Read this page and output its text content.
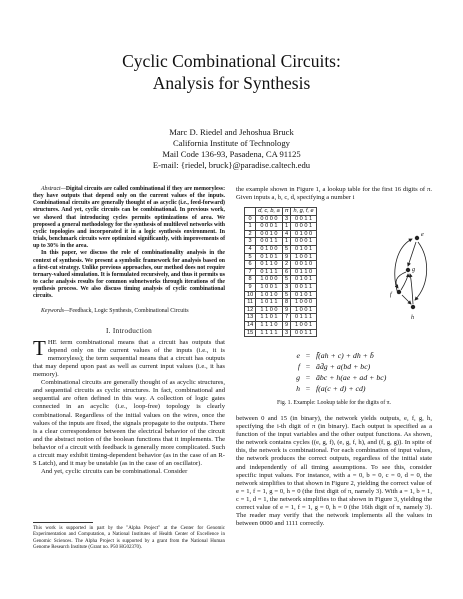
Cyclic Combinational Circuits:
Analysis for Synthesis
Marc D. Riedel and Jehoshua Bruck
California Institute of Technology
Mail Code 136-93, Pasadena, CA 91125
E-mail: {riedel, bruck}@paradise.caltech.edu

Abstract—Digital circuits are called combinational if they are memoryless: they have outputs that depend only on the current values of the inputs. Combinational circuits are generally thought of as acyclic (i.e., feed-forward) structures. And yet, cyclic circuits can be combinational. In previous work, we showed that introducing cycles permits optimizations of area. We proposed a general methodology for the synthesis of multilevel networks with cyclic topologies and incorporated it in a logic synthesis environment. In trials, benchmark circuits were optimized significantly, with improvements of up to 30% in the area.

In this paper, we discuss the role of combinationality analysis in the context of synthesis. We present a symbolic framework for analysis based on a first-cut strategy. Unlike previous approaches, our method does not require ternary-valued simulation. It is formulated recursively, and thus it permits us to cache analysis results for common subnetworks through iterations of the synthesis process. We also discuss timing analysis of cyclic combinational circuits.

Keywords—Feedback, Logic Synthesis, Combinational Circuits

I. Introduction

THE term combinational means that a circuit has outputs that depend only on the current values of the inputs (i.e., it is memoryless); the term sequential means that a circuit has outputs that may depend upon past as well as current input values (i.e., it has memory).

Combinational circuits are generally thought of as acyclic structures, and sequential circuits as cyclic structures. In fact, combinational and sequential are often defined in this way. A collection of logic gates connected in an acyclic (i.e., loop-free) topology is clearly combinational. Regardless of the initial values on the wires, once the values of the inputs are fixed, the signals propagate to the outputs. There is a clear correspondence between the electrical behavior of the circuit and the abstract notion of the boolean functions that it implements. The behavior of a circuit with feedback is generally more complicated. Such a circuit may exhibit timing-dependent behavior (as in the case of an R-S Latch), and it may be unstable (as in the case of an oscillator).

And yet, cyclic circuits can be combinational. Consider

This work is supported in part by the "Alpha Project" at the Center for Genomic Experimentation and Computation, a National Institutes of Health Center of Excellence in Genomic Sciences. The Alpha Project is supported by a grant from the National Human Genome Research Institute (Grant no. P50 HG02370).

the example shown in Figure 1, a lookup table for the first 16 digits of π. Given inputs a, b, c, d, specifying a number i

	d, c, b, a	π	h, g, f, e
0	0 0 0 0	3	0 0 1 1
1	0 0 0 1	1	0 0 0 1
2	0 0 1 0	4	0 1 0 0
3	0 0 1 1	1	0 0 0 1
4	0 1 0 0	5	0 1 0 1
5	0 1 0 1	9	1 0 0 1
6	0 1 1 0	2	0 0 1 0
7	0 1 1 1	6	0 1 1 0
8	1 0 0 0	5	0 1 0 1
9	1 0 0 1	3	0 0 1 1
10	1 0 1 0	5	0 1 0 1
11	1 0 1 1	8	1 0 0 0
12	1 1 0 0	9	1 0 0 1
13	1 1 0 1	7	0 1 1 1
14	1 1 1 0	9	1 0 0 1
15	1 1 1 1	3	0 0 1 1
e
g
f
h
e = f̄(ah + c) + dh + b̄
f = ād̄g + a(bd + bc)
g = ābc + h(ae + ad + bc)
h = f(a(c + d) + cd)
Fig. 1. Example: Lookup table for the digits of π.

between 0 and 15 (in binary), the network yields outputs, e, f, g, h, specifying the i-th digit of π (in binary). Each output is specified as a function of the input variables and the other output functions. As shown, the network contains cycles ((e, g, f), (e, g, f, h), and (f, g, g)). In spite of this, the network is combinational. For each combination of input values, the network produces the correct outputs, regardless of the initial state and independently of all timing assumptions. To see this, consider specific input values. For instance, with a = 0, b = 0, c = 0, d = 0, the network simplifies to that shown in Figure 2, yielding the correct value of e = 1, f = 1, g = 0, h = 0 (the first digit of π, namely 3). With a = 1, b = 1, c = 1, d = 1, the network simplifies to that shown in Figure 3, yielding the correct value of e = 1, f = 1, g = 0, h = 0 (the 16th digit of π, namely 3). The reader may verify that the network implements all the values in between 0000 and 1111 correctly.
